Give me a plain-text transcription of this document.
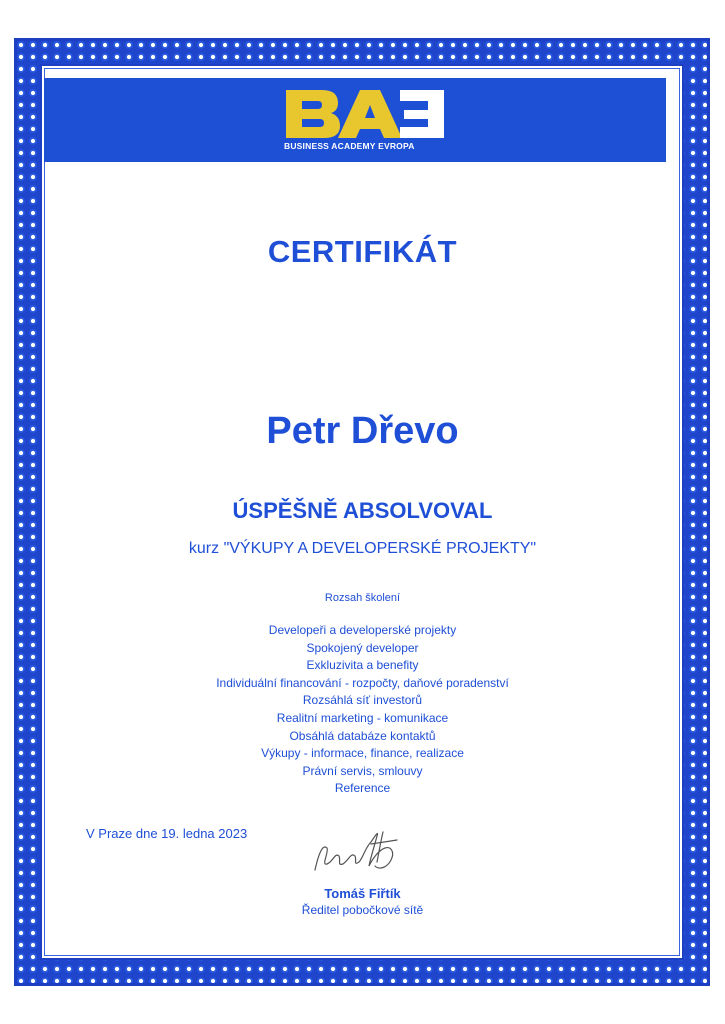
BUSINESS ACADEMY EVROPA
CERTIFIKÁT
Petr Dřevo
ÚSPĚŠNĚ ABSOLVOVAL
kurz "VÝKUPY A DEVELOPERSKÉ PROJEKTY"
Rozsah školení
Developeři a developerské projekty
Spokojený developer
Exkluzivita a benefity
Individuální financování - rozpočty, daňové poradenství
Rozsáhlá síť investorů
Realitní marketing - komunikace
Obsáhlá databáze kontaktů
Výkupy - informace, finance, realizace
Právní servis, smlouvy
Reference
V Praze dne 19. ledna 2023
Tomáš Fiřtík
Ředitel pobočkové sítě
